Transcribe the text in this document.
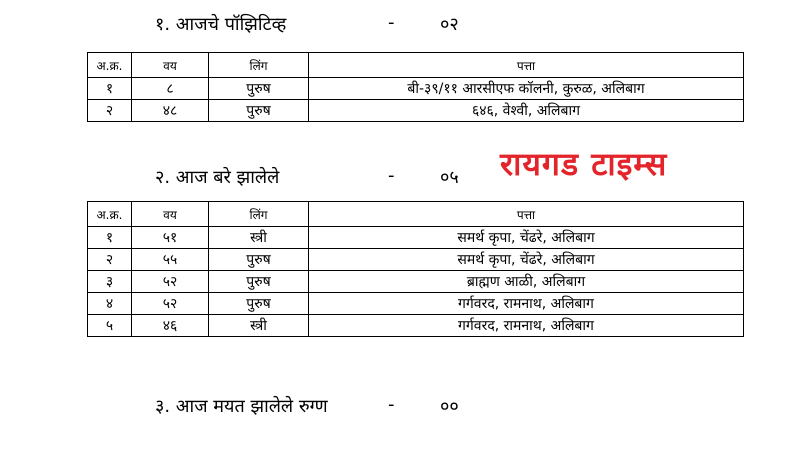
१. आजचे पॉझिटिव्ह	-	०२
अ.क्र.	वय	लिंग	पत्ता
१	८	पुरुष	बी-३९/११ आरसीएफ कॉलनी, कुरुळ, अलिबाग
२	४८	पुरुष	६४६, वेश्वी, अलिबाग
२. आज बरे झालेले	-	०५ रायगड टाइम्स
अ.क्र.	वय	लिंग	पत्ता
१	५१	स्त्री	समर्थ कृपा, चेंढरे, अलिबाग
२	५५	पुरुष	समर्थ कृपा, चेंढरे, अलिबाग
३	५२	पुरुष	ब्राह्मण आळी, अलिबाग
४	५२	पुरुष	गर्गवरद, रामनाथ, अलिबाग
५	४६	स्त्री	गर्गवरद, रामनाथ, अलिबाग
३. आज मयत झालेले रुग्ण	-	००
